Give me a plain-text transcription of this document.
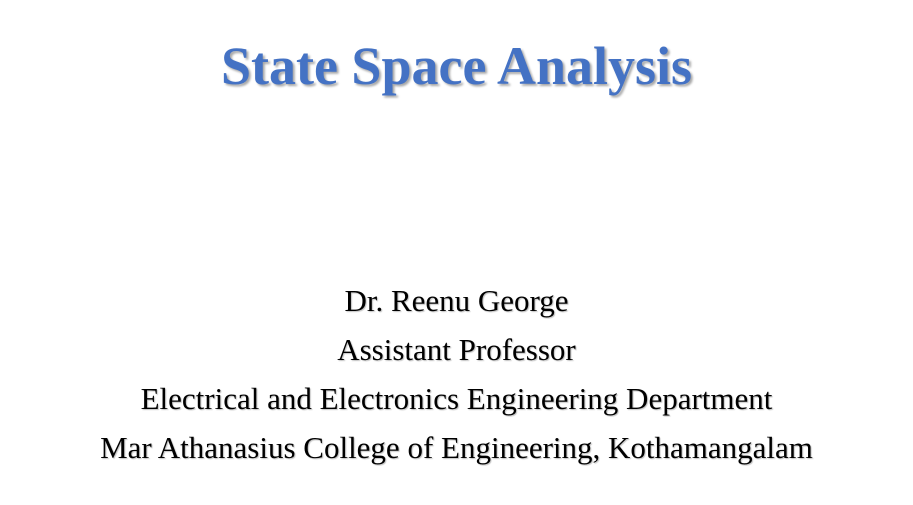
State Space Analysis
Dr. Reenu George
Assistant Professor
Electrical and Electronics Engineering Department
Mar Athanasius College of Engineering, Kothamangalam
